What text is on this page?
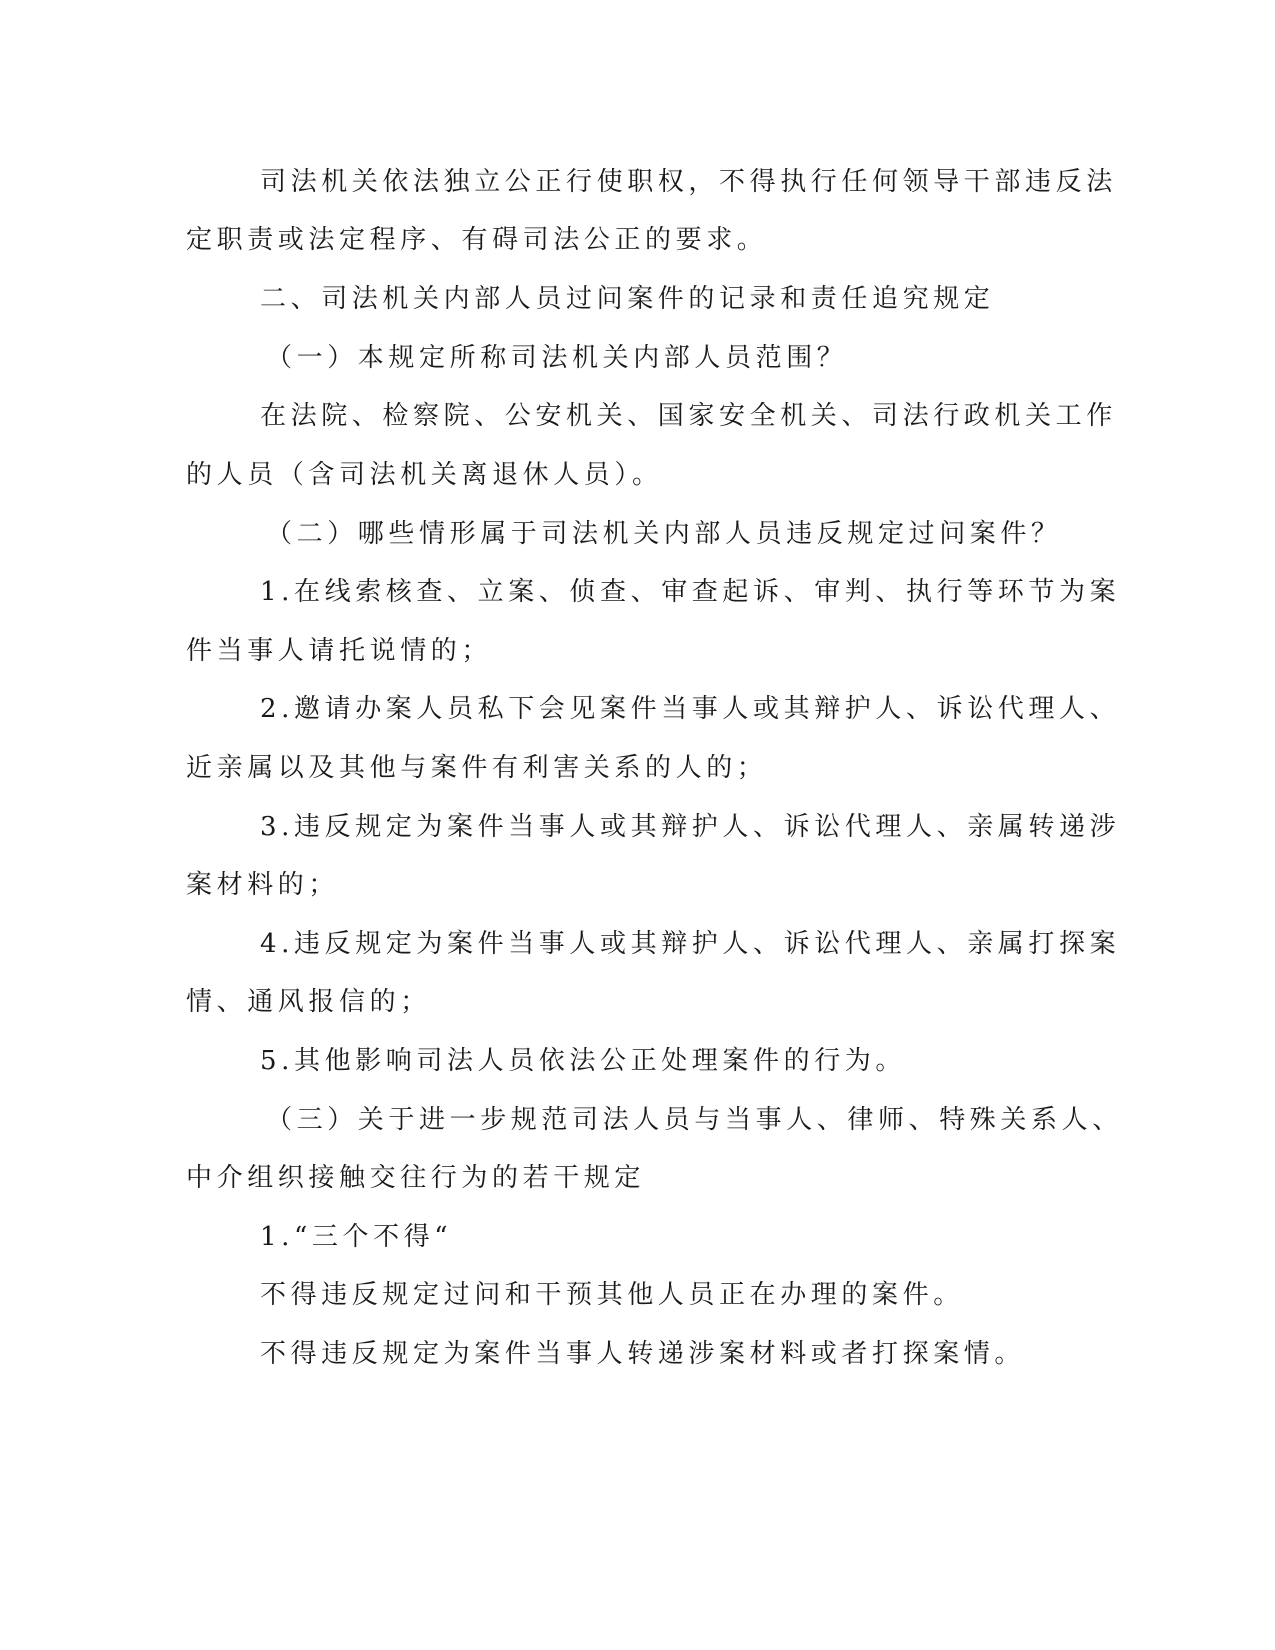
司法机关依法独立公正行使职权，不得执行任何领导干部违反法
定职责或法定程序、有碍司法公正的要求。
二、司法机关内部人员过问案件的记录和责任追究规定
（一）本规定所称司法机关内部人员范围？
在法院、检察院、公安机关、国家安全机关、司法行政机关工作
的人员（含司法机关离退休人员）。
（二）哪些情形属于司法机关内部人员违反规定过问案件？
1.在线索核查、立案、侦查、审查起诉、审判、执行等环节为案
件当事人请托说情的；
2.邀请办案人员私下会见案件当事人或其辩护人、诉讼代理人、
近亲属以及其他与案件有利害关系的人的；
3.违反规定为案件当事人或其辩护人、诉讼代理人、亲属转递涉
案材料的；
4.违反规定为案件当事人或其辩护人、诉讼代理人、亲属打探案
情、通风报信的；
5.其他影响司法人员依法公正处理案件的行为。
（三）关于进一步规范司法人员与当事人、律师、特殊关系人、
中介组织接触交往行为的若干规定
1.“三个不得“
不得违反规定过问和干预其他人员正在办理的案件。
不得违反规定为案件当事人转递涉案材料或者打探案情。
